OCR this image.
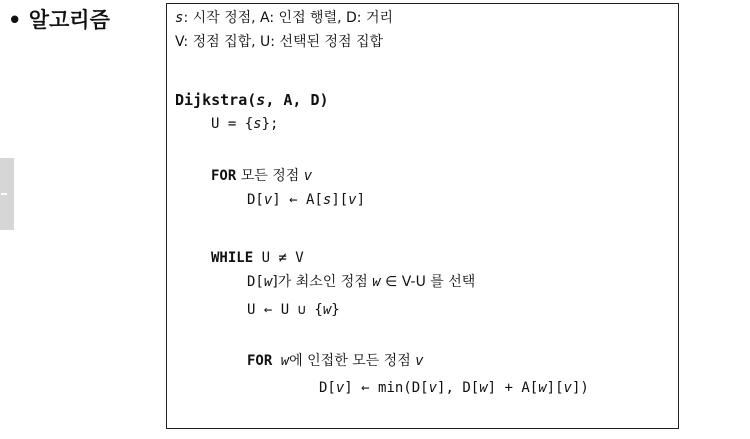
• 알고리즘	s: 시작 정점, A: 인접 행렬, D: 거리
V: 정점 집합, U: 선택된 정점 집합
Dijkstra(s, A, D)
U = {s};
FOR 모든 정점 v
D[v] ← A[s][v]
WHILE U ≠ V
D[w]가 최소인 정점 w ∈ V-U 를 선택
U ← U ∪ {w}
FOR w에 인접한 모든 정점 v
D[v] ← min(D[v], D[w] + A[w][v])
